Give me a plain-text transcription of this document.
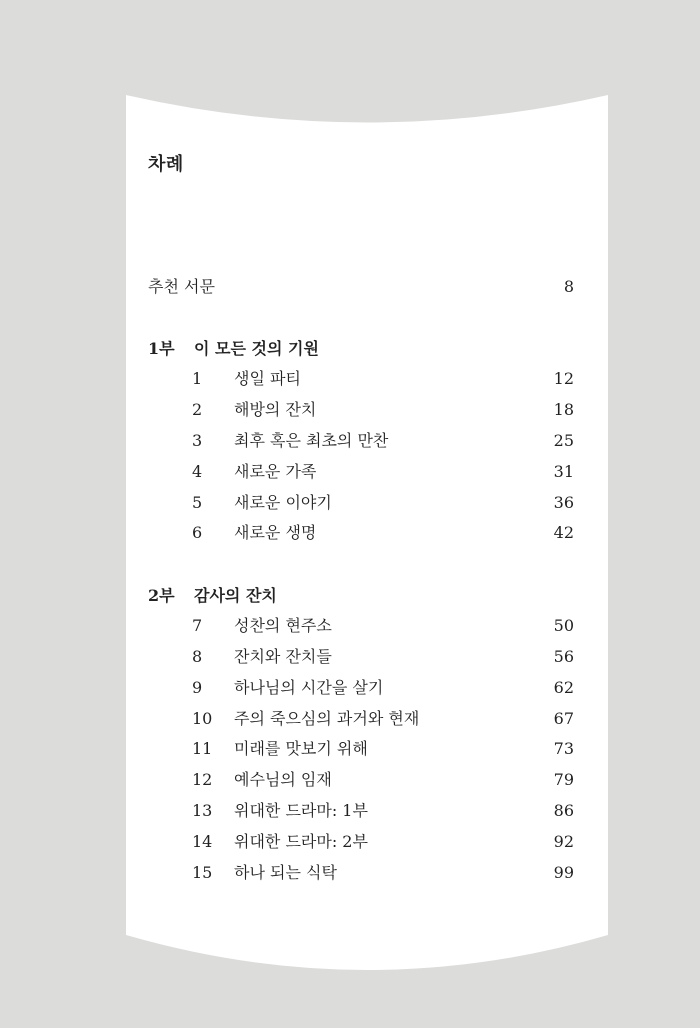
차례
추천 서문	8
1부 이 모든 것의 기원
1 생일 파티	12
2 해방의 잔치	18
3 최후 혹은 최초의 만찬	25
4 새로운 가족	31
5 새로운 이야기	36
6 새로운 생명	42
2부 감사의 잔치
7 성찬의 현주소	50
8 잔치와 잔치들	56
9 하나님의 시간을 살기	62
10 주의 죽으심의 과거와 현재	67
11 미래를 맛보기 위해	73
12 예수님의 임재	79
13 위대한 드라마: 1부	86
14 위대한 드라마: 2부	92
15 하나 되는 식탁	99
